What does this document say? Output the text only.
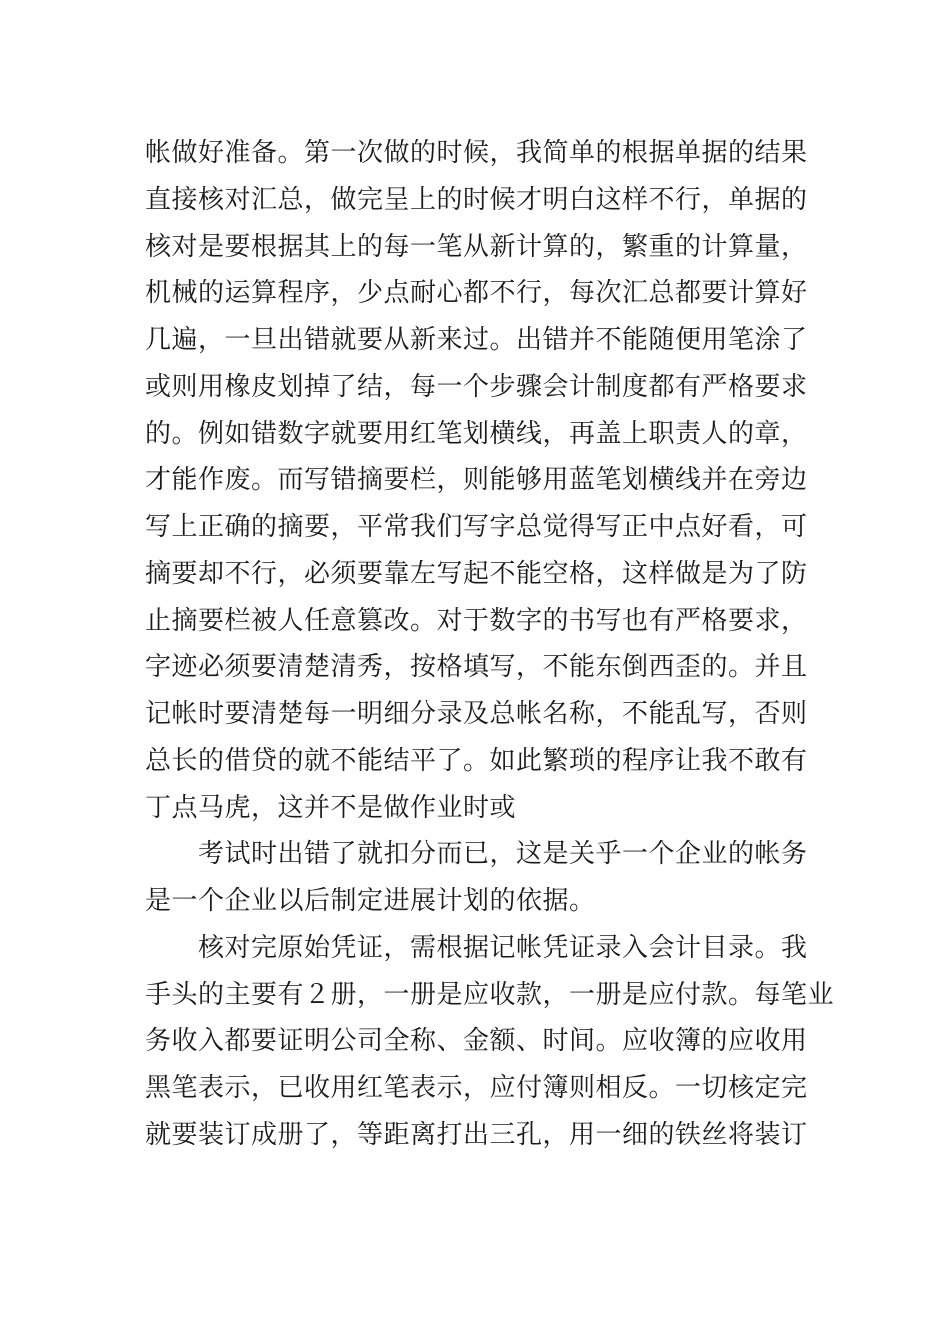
帐做好准备。第一次做的时候，我简单的根据单据的结果
直接核对汇总，做完呈上的时候才明白这样不行，单据的
核对是要根据其上的每一笔从新计算的，繁重的计算量，
机械的运算程序，少点耐心都不行，每次汇总都要计算好
几遍，一旦出错就要从新来过。出错并不能随便用笔涂了
或则用橡皮划掉了结，每一个步骤会计制度都有严格要求
的。例如错数字就要用红笔划横线，再盖上职责人的章，
才能作废。而写错摘要栏，则能够用蓝笔划横线并在旁边
写上正确的摘要，平常我们写字总觉得写正中点好看，可
摘要却不行，必须要靠左写起不能空格，这样做是为了防
止摘要栏被人任意篡改。对于数字的书写也有严格要求，
字迹必须要清楚清秀，按格填写，不能东倒西歪的。并且
记帐时要清楚每一明细分录及总帐名称，不能乱写，否则
总长的借贷的就不能结平了。如此繁琐的程序让我不敢有
丁点马虎，这并不是做作业时或
　　考试时出错了就扣分而已，这是关乎一个企业的帐务
是一个企业以后制定进展计划的依据。
　　核对完原始凭证，需根据记帐凭证录入会计目录。我
手头的主要有２册，一册是应收款，一册是应付款。每笔业
务收入都要证明公司全称、金额、时间。应收簿的应收用
黑笔表示，已收用红笔表示，应付簿则相反。一切核定完
就要装订成册了，等距离打出三孔，用一细的铁丝将装订
